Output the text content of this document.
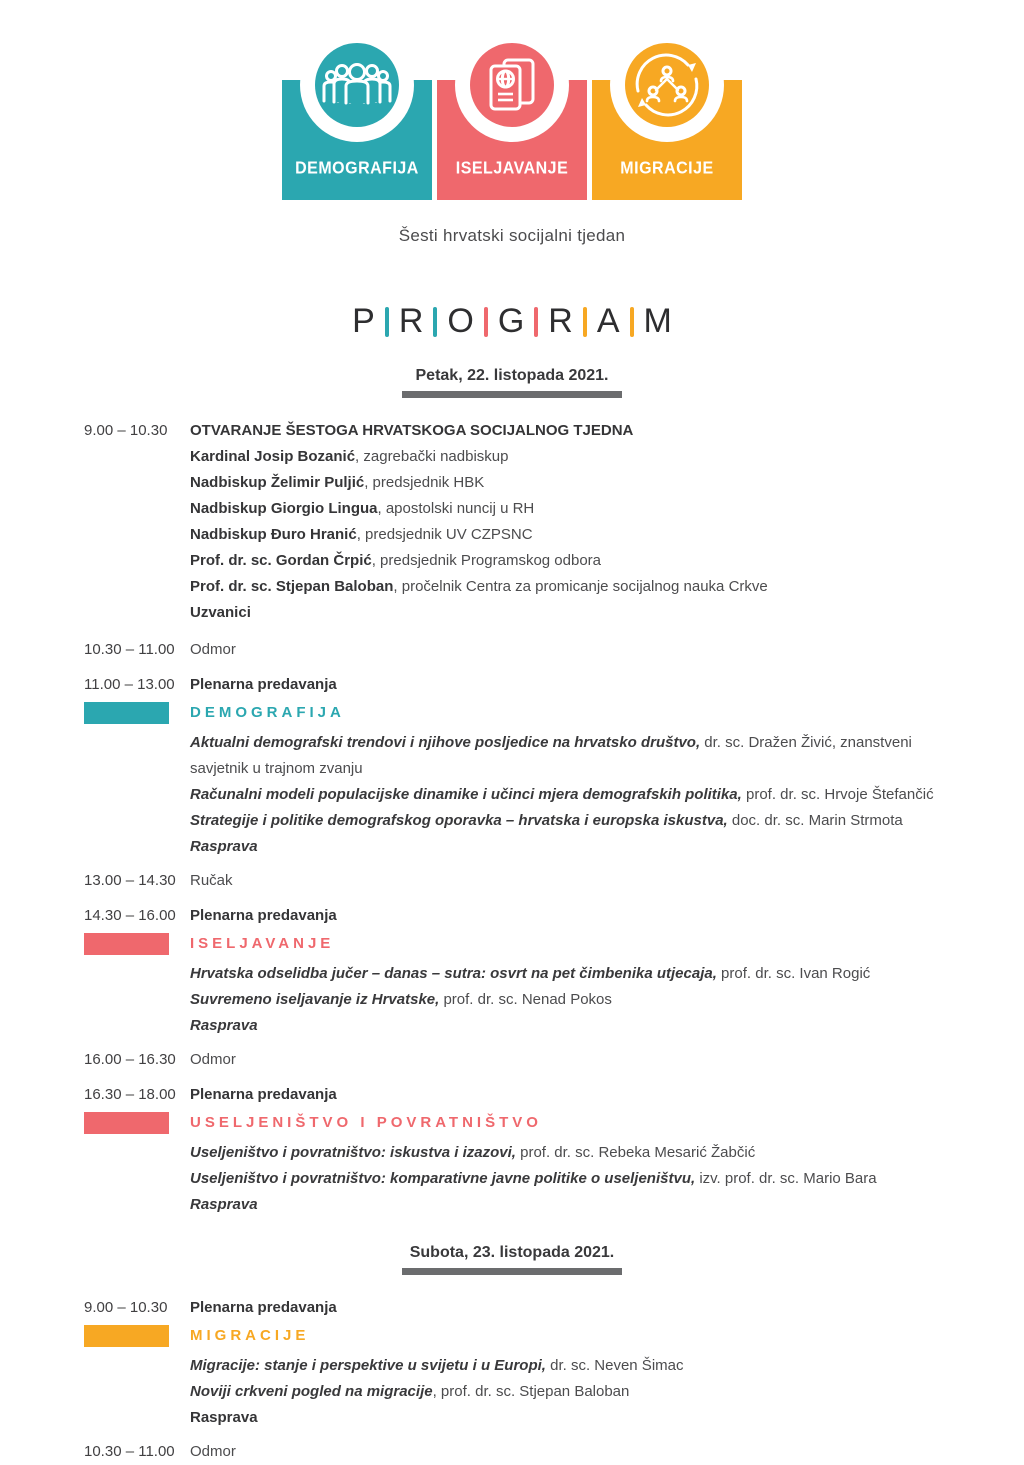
DEMOGRAFIJA	ISELJAVANJE	MIGRACIJE
Šesti hrvatski socijalni tjedan
P R O G R A M
Petak, 22. listopada 2021.
9.00 – 10.30	OTVARANJE ŠESTOGA HRVATSKOGA SOCIJALNOG TJEDNA
Kardinal Josip Bozanić, zagrebački nadbiskup
Nadbiskup Želimir Puljić, predsjednik HBK
Nadbiskup Giorgio Lingua, apostolski nuncij u RH
Nadbiskup Đuro Hranić, predsjednik UV CZPSNC
Prof. dr. sc. Gordan Črpić, predsjednik Programskog odbora
Prof. dr. sc. Stjepan Baloban, pročelnik Centra za promicanje socijalnog nauka Crkve
Uzvanici
10.30 – 11.00	Odmor
11.00 – 13.00	Plenarna predavanja
DEMOGRAFIJA
Aktualni demografski trendovi i njihove posljedice na hrvatsko društvo, dr. sc. Dražen Živić, znanstveni savjetnik u trajnom zvanju
Računalni modeli populacijske dinamike i učinci mjera demografskih politika, prof. dr. sc. Hrvoje Štefančić
Strategije i politike demografskog oporavka – hrvatska i europska iskustva, doc. dr. sc. Marin Strmota
Rasprava
13.00 – 14.30 Ručak
14.30 – 16.00 Plenarna predavanja
ISELJAVANJE
Hrvatska odselidba jučer – danas – sutra: osvrt na pet čimbenika utjecaja, prof. dr. sc. Ivan Rogić
Suvremeno iseljavanje iz Hrvatske, prof. dr. sc. Nenad Pokos
Rasprava
16.00 – 16.30 Odmor
16.30 – 18.00 Plenarna predavanja
USELJENIŠTVO I POVRATNIŠTVO
Useljeništvo i povratništvo: iskustva i izazovi, prof. dr. sc. Rebeka Mesarić Žabčić
Useljeništvo i povratništvo: komparativne javne politike o useljeništvu, izv. prof. dr. sc. Mario Bara
Rasprava
Subota, 23. listopada 2021.
9.00 – 10.30	Plenarna predavanja
MIGRACIJE
Migracije: stanje i perspektive u svijetu i u Europi, dr. sc. Neven Šimac
Noviji crkveni pogled na migracije, prof. dr. sc. Stjepan Baloban
Rasprava
10.30 – 11.00	Odmor
